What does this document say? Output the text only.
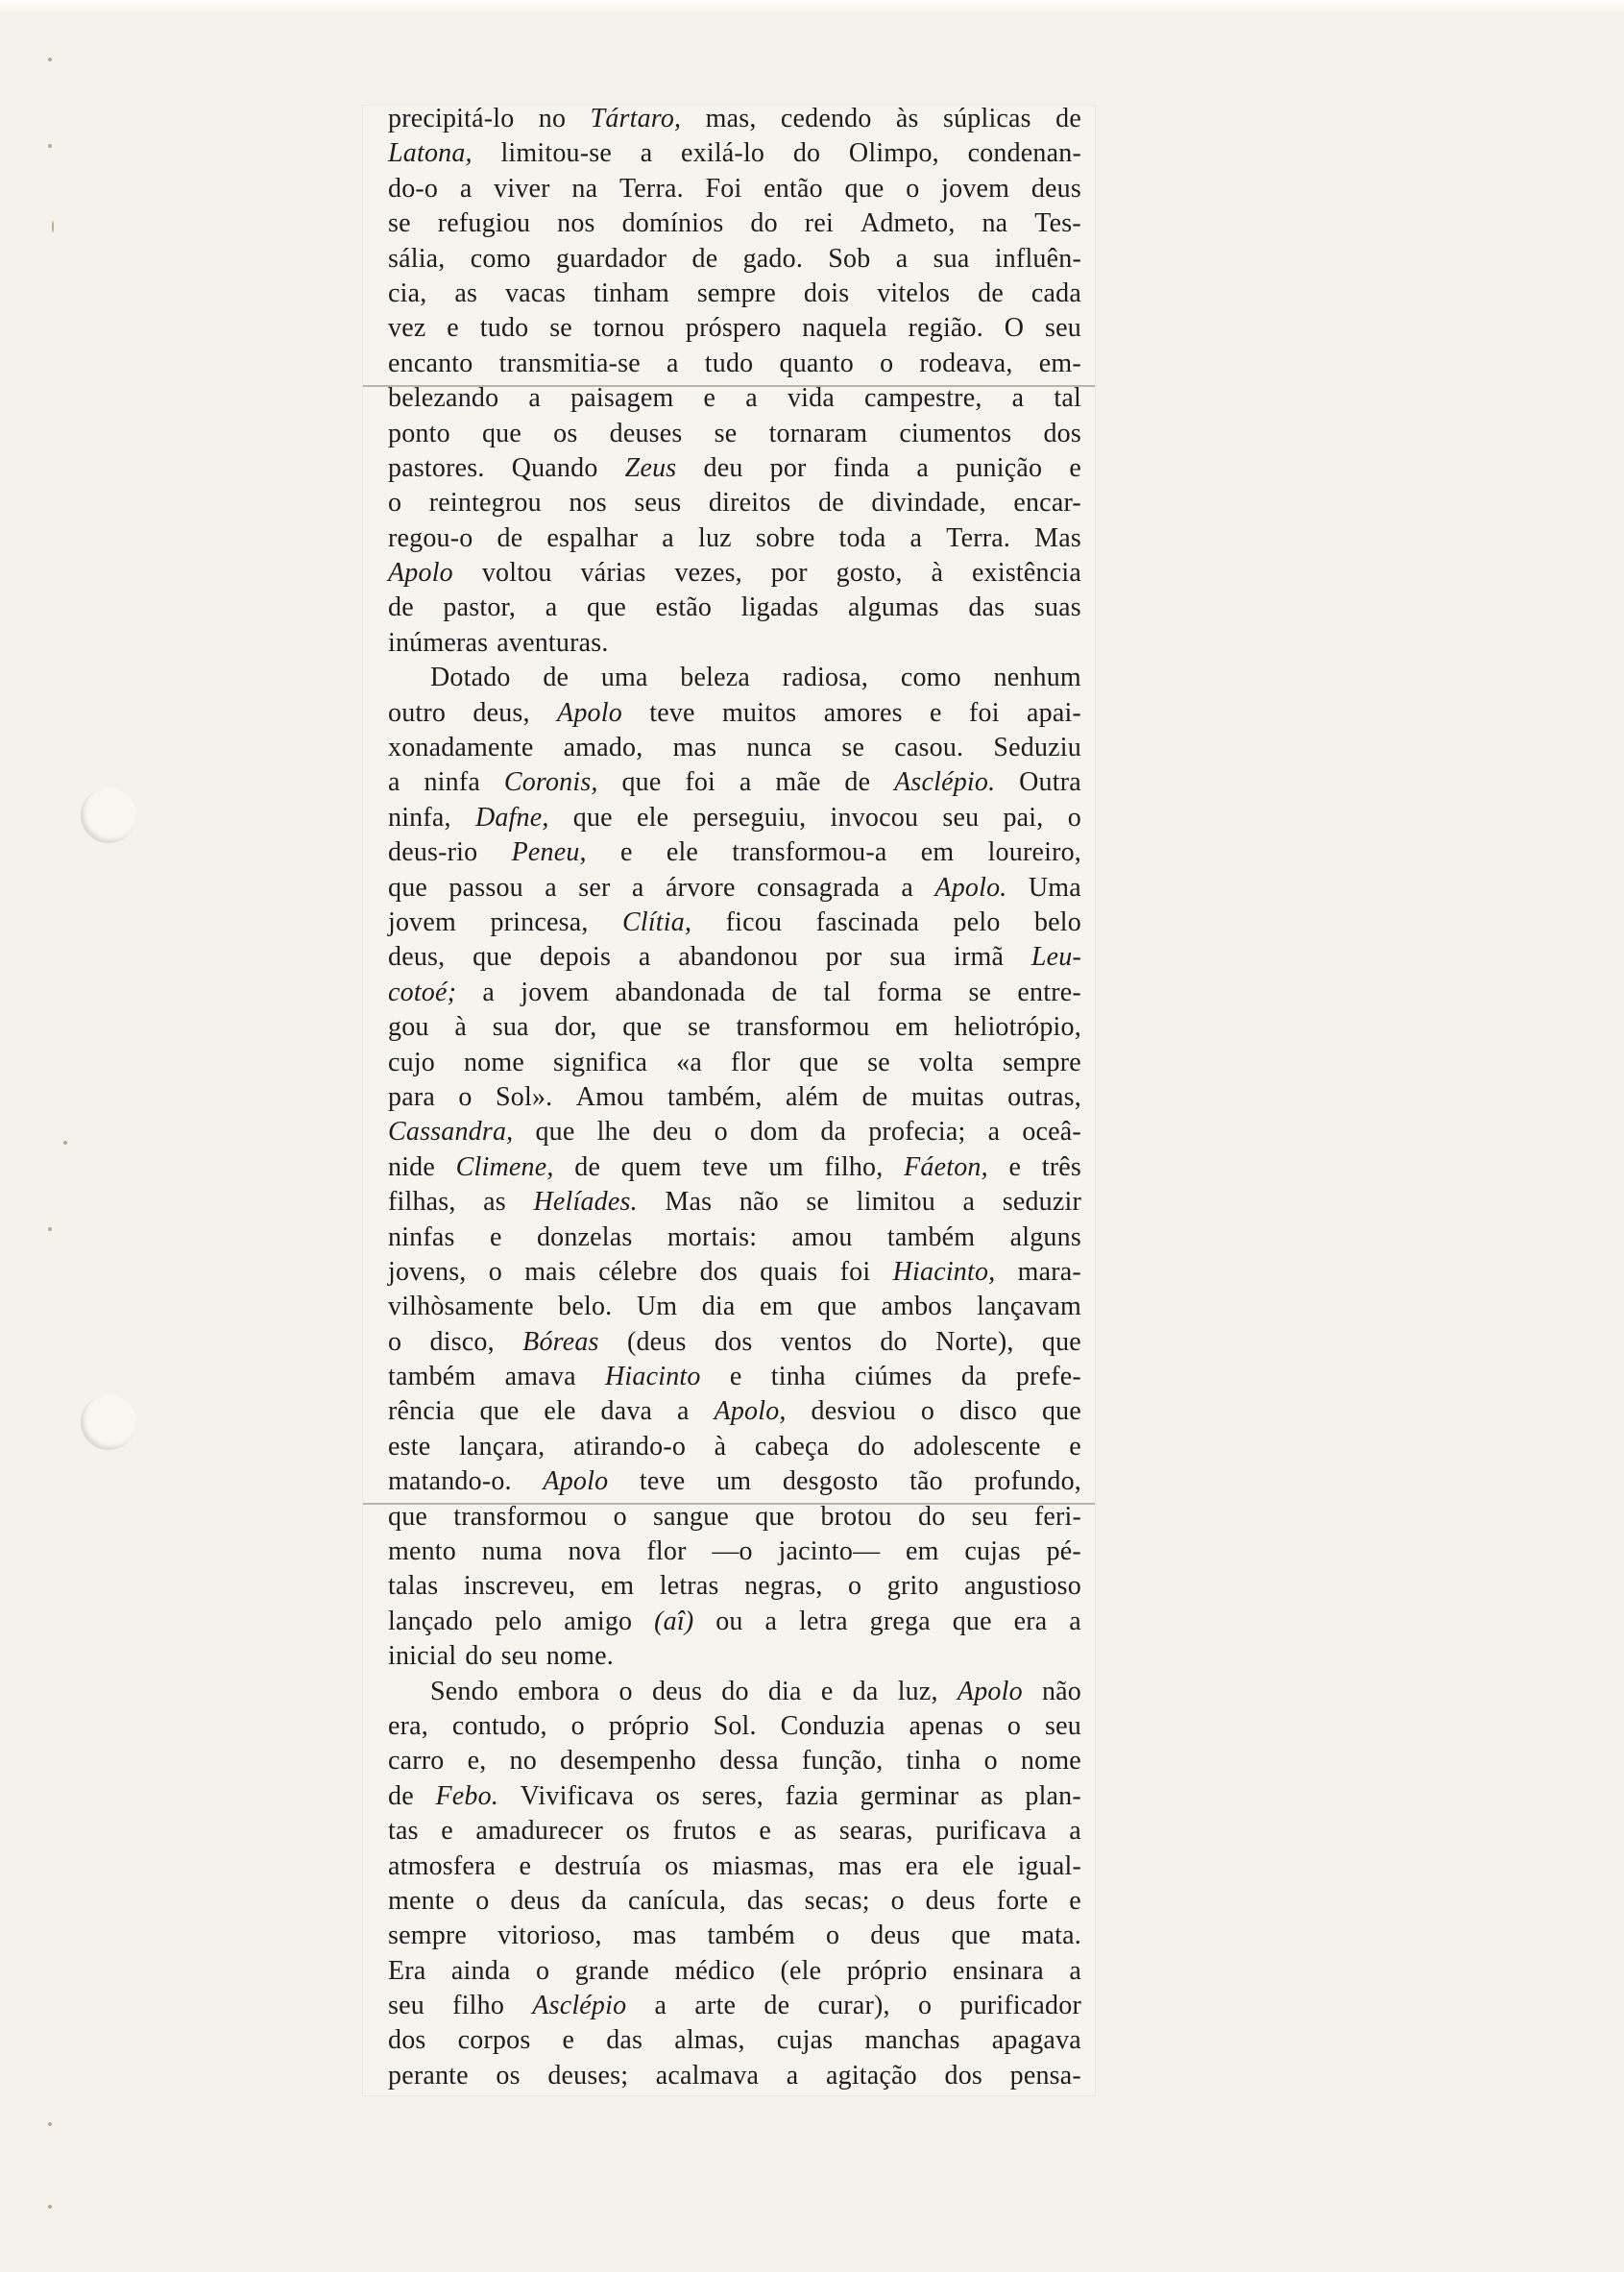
precipitá-lo no Tártaro, mas, cedendo às súplicas de
Latona, limitou-se a exilá-lo do Olimpo, condenan-
do-o a viver na Terra. Foi então que o jovem deus
se refugiou nos domínios do rei Admeto, na Tes-
sália, como guardador de gado. Sob a sua influên-
cia, as vacas tinham sempre dois vitelos de cada
vez e tudo se tornou próspero naquela região. O seu
encanto transmitia-se a tudo quanto o rodeava, em-
belezando a paisagem e a vida campestre, a tal
ponto que os deuses se tornaram ciumentos dos
pastores. Quando Zeus deu por finda a punição e
o reintegrou nos seus direitos de divindade, encar-
regou-o de espalhar a luz sobre toda a Terra. Mas
Apolo voltou várias vezes, por gosto, à existência
de pastor, a que estão ligadas algumas das suas
inúmeras aventuras.
Dotado de uma beleza radiosa, como nenhum
outro deus, Apolo teve muitos amores e foi apai-
xonadamente amado, mas nunca se casou. Seduziu
a ninfa Coronis, que foi a mãe de Asclépio. Outra
ninfa, Dafne, que ele perseguiu, invocou seu pai, o
deus-rio Peneu, e ele transformou-a em loureiro,
que passou a ser a árvore consagrada a Apolo. Uma
jovem princesa, Clítia, ficou fascinada pelo belo
deus, que depois a abandonou por sua irmã Leu-
cotoé; a jovem abandonada de tal forma se entre-
gou à sua dor, que se transformou em heliotrópio,
cujo nome significa «a flor que se volta sempre
para o Sol». Amou também, além de muitas outras,
Cassandra, que lhe deu o dom da profecia; a oceâ-
nide Climene, de quem teve um filho, Fáeton, e três
filhas, as Helíades. Mas não se limitou a seduzir
ninfas e donzelas mortais: amou também alguns
jovens, o mais célebre dos quais foi Hiacinto, mara-
vilhòsamente belo. Um dia em que ambos lançavam
o disco, Bóreas (deus dos ventos do Norte), que
também amava Hiacinto e tinha ciúmes da prefe-
rência que ele dava a Apolo, desviou o disco que
este lançara, atirando-o à cabeça do adolescente e
matando-o. Apolo teve um desgosto tão profundo,
que transformou o sangue que brotou do seu feri-
mento numa nova flor —o jacinto— em cujas pé-
talas inscreveu, em letras negras, o grito angustioso
lançado pelo amigo (aî) ou a letra grega que era a
inicial do seu nome.
Sendo embora o deus do dia e da luz, Apolo não
era, contudo, o próprio Sol. Conduzia apenas o seu
carro e, no desempenho dessa função, tinha o nome
de Febo. Vivificava os seres, fazia germinar as plan-
tas e amadurecer os frutos e as searas, purificava a
atmosfera e destruía os miasmas, mas era ele igual-
mente o deus da canícula, das secas; o deus forte e
sempre vitorioso, mas também o deus que mata.
Era ainda o grande médico (ele próprio ensinara a
seu filho Asclépio a arte de curar), o purificador
dos corpos e das almas, cujas manchas apagava
perante os deuses; acalmava a agitação dos pensa-
